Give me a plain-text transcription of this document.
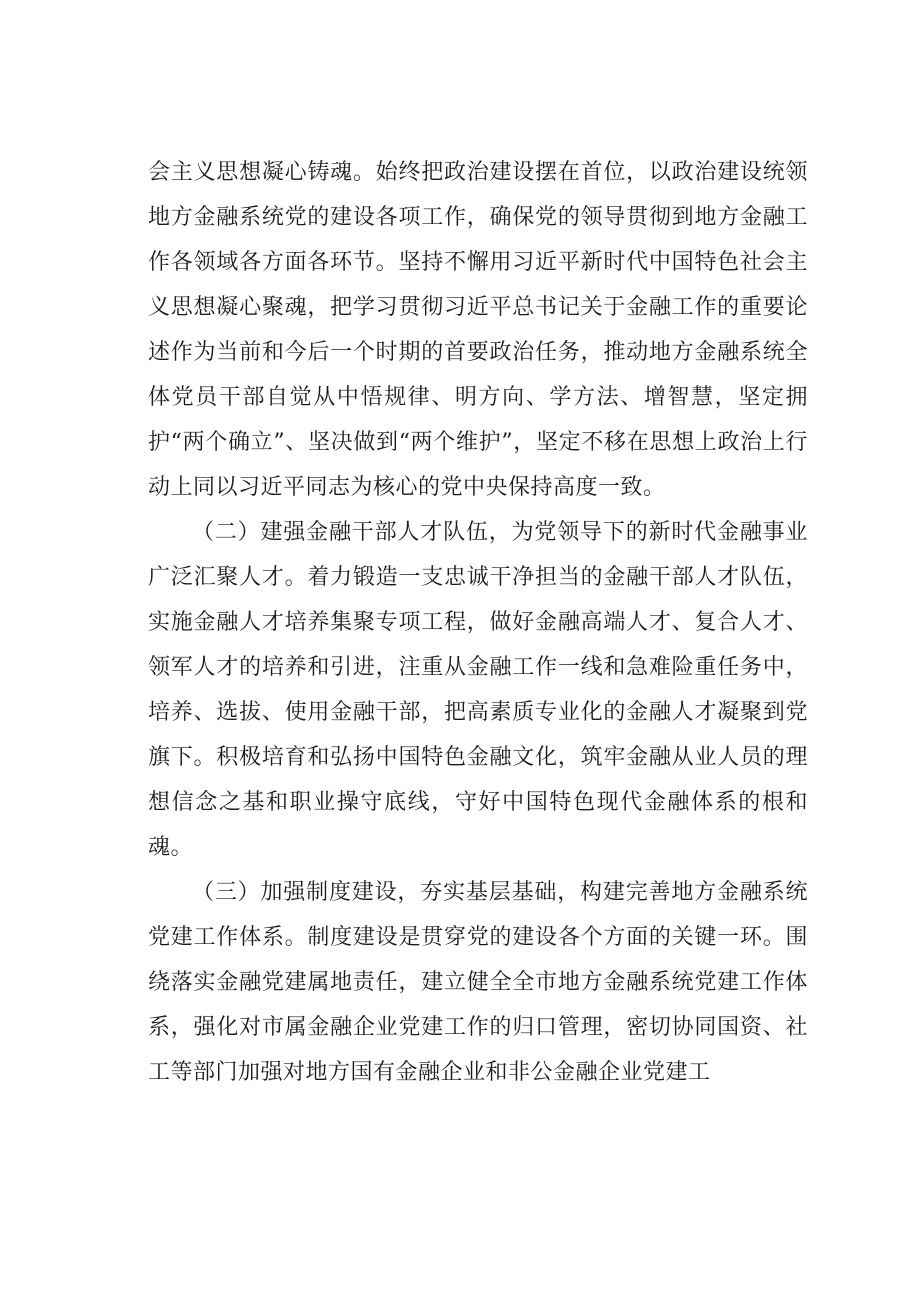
会主义思想凝心铸魂。始终把政治建设摆在首位，以政治建设统领地方金融系统党的建设各项工作，确保党的领导贯彻到地方金融工作各领域各方面各环节。坚持不懈用习近平新时代中国特色社会主义思想凝心聚魂，把学习贯彻习近平总书记关于金融工作的重要论述作为当前和今后一个时期的首要政治任务，推动地方金融系统全体党员干部自觉从中悟规律、明方向、学方法、增智慧，坚定拥护“两个确立”、坚决做到“两个维护”，坚定不移在思想上政治上行动上同以习近平同志为核心的党中央保持高度一致。

（二）建强金融干部人才队伍，为党领导下的新时代金融事业广泛汇聚人才。着力锻造一支忠诚干净担当的金融干部人才队伍，实施金融人才培养集聚专项工程，做好金融高端人才、复合人才、领军人才的培养和引进，注重从金融工作一线和急难险重任务中，培养、选拔、使用金融干部，把高素质专业化的金融人才凝聚到党旗下。积极培育和弘扬中国特色金融文化，筑牢金融从业人员的理想信念之基和职业操守底线，守好中国特色现代金融体系的根和魂。

（三）加强制度建设，夯实基层基础，构建完善地方金融系统党建工作体系。制度建设是贯穿党的建设各个方面的关键一环。围绕落实金融党建属地责任，建立健全全市地方金融系统党建工作体系，强化对市属金融企业党建工作的归口管理，密切协同国资、社工等部门加强对地方国有金融企业和非公金融企业党建工
